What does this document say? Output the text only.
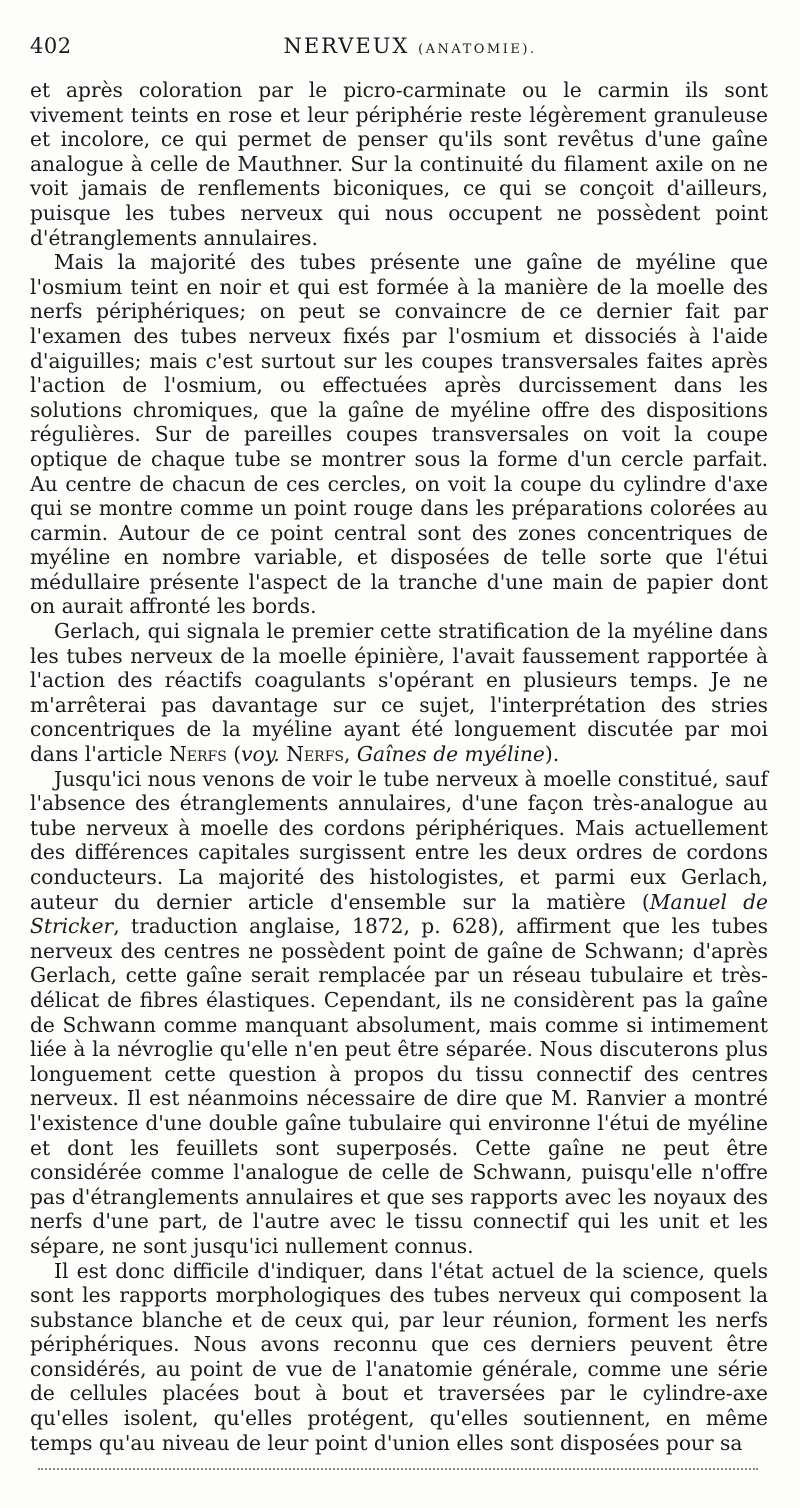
402	NERVEUX (ANATOMIE).

et après coloration par le picro-carminate ou le carmin ils sont vivement teints en rose et leur périphérie reste légèrement granuleuse et incolore, ce qui permet de penser qu'ils sont revêtus d'une gaîne analogue à celle de Mauthner. Sur la continuité du filament axile on ne voit jamais de renflements biconiques, ce qui se conçoit d'ailleurs, puisque les tubes nerveux qui nous occupent ne possèdent point d'étranglements annulaires.

Mais la majorité des tubes présente une gaîne de myéline que l'osmium teint en noir et qui est formée à la manière de la moelle des nerfs périphériques; on peut se convaincre de ce dernier fait par l'examen des tubes nerveux fixés par l'osmium et dissociés à l'aide d'aiguilles; mais c'est surtout sur les coupes transversales faites après l'action de l'osmium, ou effectuées après durcissement dans les solutions chromiques, que la gaîne de myéline offre des dispositions régulières. Sur de pareilles coupes transversales on voit la coupe optique de chaque tube se montrer sous la forme d'un cercle parfait. Au centre de chacun de ces cercles, on voit la coupe du cylindre d'axe qui se montre comme un point rouge dans les préparations colorées au carmin. Autour de ce point central sont des zones concentriques de myéline en nombre variable, et disposées de telle sorte que l'étui médullaire présente l'aspect de la tranche d'une main de papier dont on aurait affronté les bords.

Gerlach, qui signala le premier cette stratification de la myéline dans les tubes nerveux de la moelle épinière, l'avait faussement rapportée à l'action des réactifs coagulants s'opérant en plusieurs temps. Je ne m'arrêterai pas davantage sur ce sujet, l'interprétation des stries concentriques de la myéline ayant été longuement discutée par moi dans l'article Nerfs (voy. Nerfs, Gaînes de myéline).

Jusqu'ici nous venons de voir le tube nerveux à moelle constitué, sauf l'absence des étranglements annulaires, d'une façon très-analogue au tube nerveux à moelle des cordons périphériques. Mais actuellement des différences capitales surgissent entre les deux ordres de cordons conducteurs. La majorité des histologistes, et parmi eux Gerlach, auteur du dernier article d'ensemble sur la matière (Manuel de Stricker, traduction anglaise, 1872, p. 628), affirment que les tubes nerveux des centres ne possèdent point de gaîne de Schwann; d'après Gerlach, cette gaîne serait remplacée par un réseau tubulaire et très-délicat de fibres élastiques. Cependant, ils ne considèrent pas la gaîne de Schwann comme manquant absolument, mais comme si intimement liée à la névroglie qu'elle n'en peut être séparée. Nous discuterons plus longuement cette question à propos du tissu connectif des centres nerveux. Il est néanmoins nécessaire de dire que M. Ranvier a montré l'existence d'une double gaîne tubulaire qui environne l'étui de myéline et dont les feuillets sont superposés. Cette gaîne ne peut être considérée comme l'analogue de celle de Schwann, puisqu'elle n'offre pas d'étranglements annulaires et que ses rapports avec les noyaux des nerfs d'une part, de l'autre avec le tissu connectif qui les unit et les sépare, ne sont jusqu'ici nullement connus.

Il est donc difficile d'indiquer, dans l'état actuel de la science, quels sont les rapports morphologiques des tubes nerveux qui composent la substance blanche et de ceux qui, par leur réunion, forment les nerfs périphériques. Nous avons reconnu que ces derniers peuvent être considérés, au point de vue de l'anatomie générale, comme une série de cellules placées bout à bout et traversées par le cylindre-axe qu'elles isolent, qu'elles protégent, qu'elles soutiennent, en même temps qu'au niveau de leur point d'union elles sont disposées pour sa
